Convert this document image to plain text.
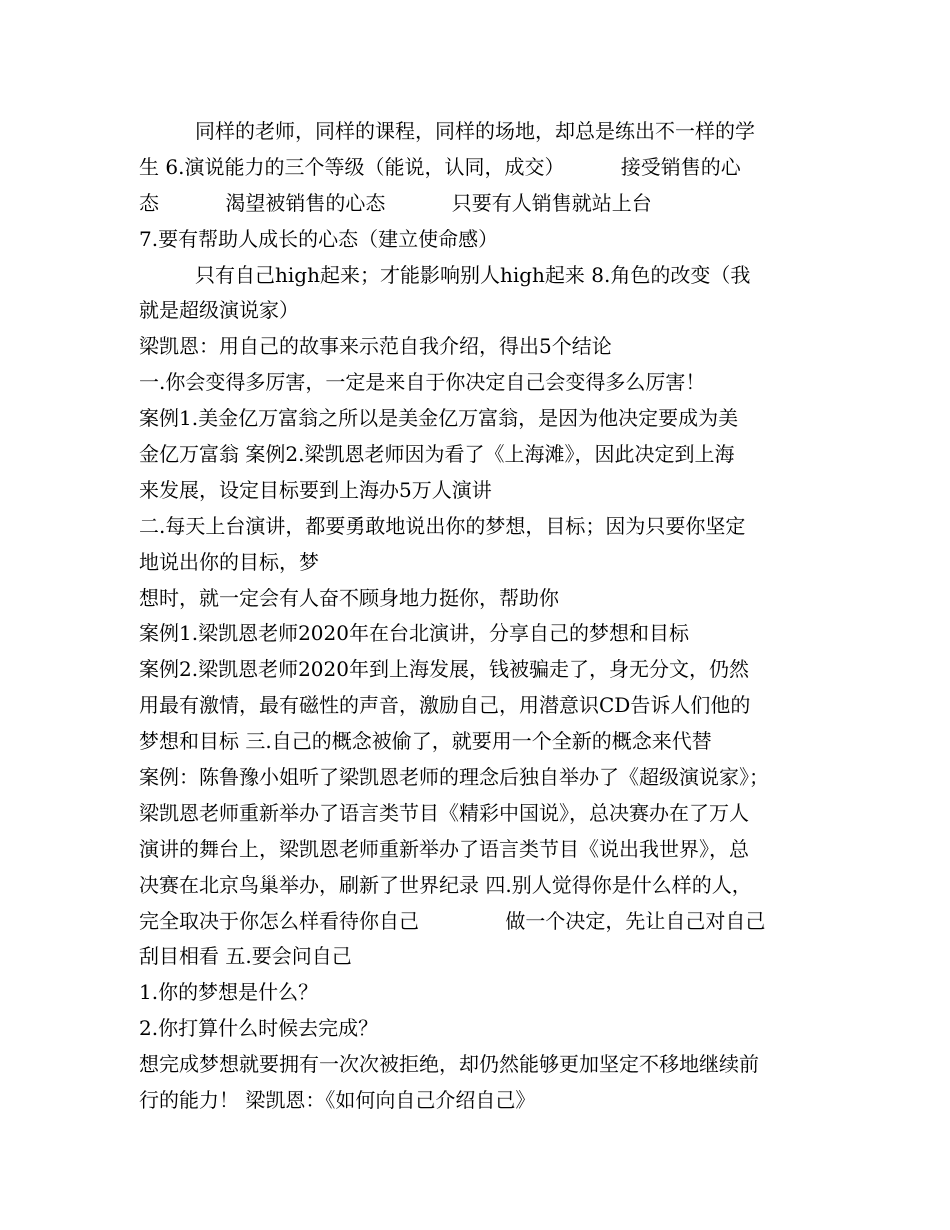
同样的老师，同样的课程，同样的场地，却总是练出不一样的学
生 6.演说能力的三个等级（能说，认同，成交）　　　 接受销售的心
态　　　 渴望被销售的心态　　　 只要有人销售就站上台
7.要有帮助人成长的心态（建立使命感）
只有自己high起来；才能影响别人high起来 8.角色的改变（我
就是超级演说家）
梁凯恩：用自己的故事来示范自我介绍，得出5个结论
一.你会变得多厉害，一定是来自于你决定自己会变得多么厉害！
案例1.美金亿万富翁之所以是美金亿万富翁，是因为他决定要成为美
金亿万富翁 案例2.梁凯恩老师因为看了《上海滩》，因此决定到上海
来发展，设定目标要到上海办5万人演讲
二.每天上台演讲，都要勇敢地说出你的梦想，目标；因为只要你坚定
地说出你的目标，梦
想时，就一定会有人奋不顾身地力挺你，帮助你
案例1.梁凯恩老师2020年在台北演讲，分享自己的梦想和目标
案例2.梁凯恩老师2020年到上海发展，钱被骗走了，身无分文，仍然
用最有激情，最有磁性的声音，激励自己，用潜意识CD告诉人们他的
梦想和目标 三.自己的概念被偷了，就要用一个全新的概念来代替
案例：陈鲁豫小姐听了梁凯恩老师的理念后独自举办了《超级演说家》；
梁凯恩老师重新举办了语言类节目《精彩中国说》，总决赛办在了万人
演讲的舞台上，梁凯恩老师重新举办了语言类节目《说出我世界》，总
决赛在北京鸟巢举办，刷新了世界纪录 四.别人觉得你是什么样的人，
完全取决于你怎么样看待你自己　　　　 做一个决定，先让自己对自己
刮目相看 五.要会问自己
1.你的梦想是什么？
2.你打算什么时候去完成？
想完成梦想就要拥有一次次被拒绝，却仍然能够更加坚定不移地继续前
行的能力！ 梁凯恩：《如何向自己介绍自己》
